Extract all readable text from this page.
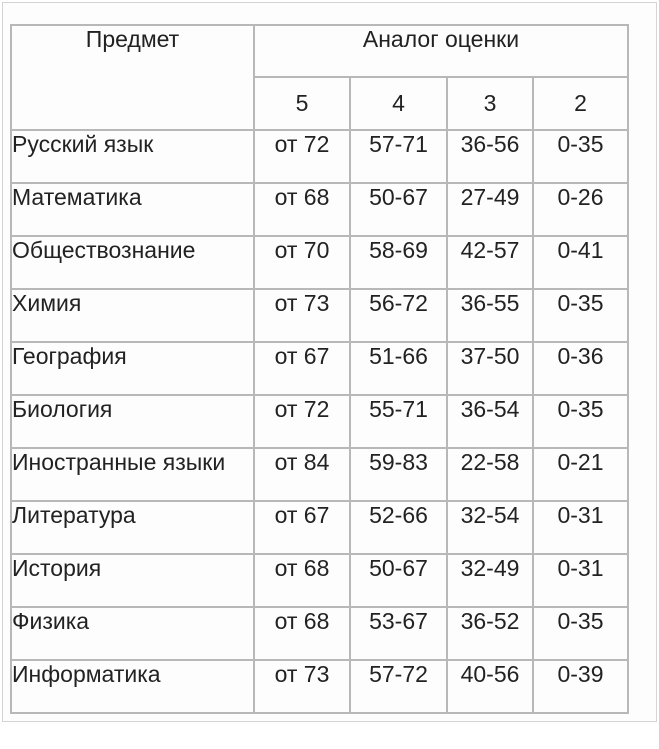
Предмет	Аналог оценки			
	5	4	3	2
Русский язык	от 72	57-71	36-56	0-35
Математика	от 68	50-67	27-49	0-26
Обществознание	от 70	58-69	42-57	0-41
Химия	от 73	56-72	36-55	0-35
География	от 67	51-66	37-50	0-36
Биология	от 72	55-71	36-54	0-35
Иностранные языки	от 84	59-83	22-58	0-21
Литература	от 67	52-66	32-54	0-31
История	от 68	50-67	32-49	0-31
Физика	от 68	53-67	36-52	0-35
Информатика	от 73	57-72	40-56	0-39
